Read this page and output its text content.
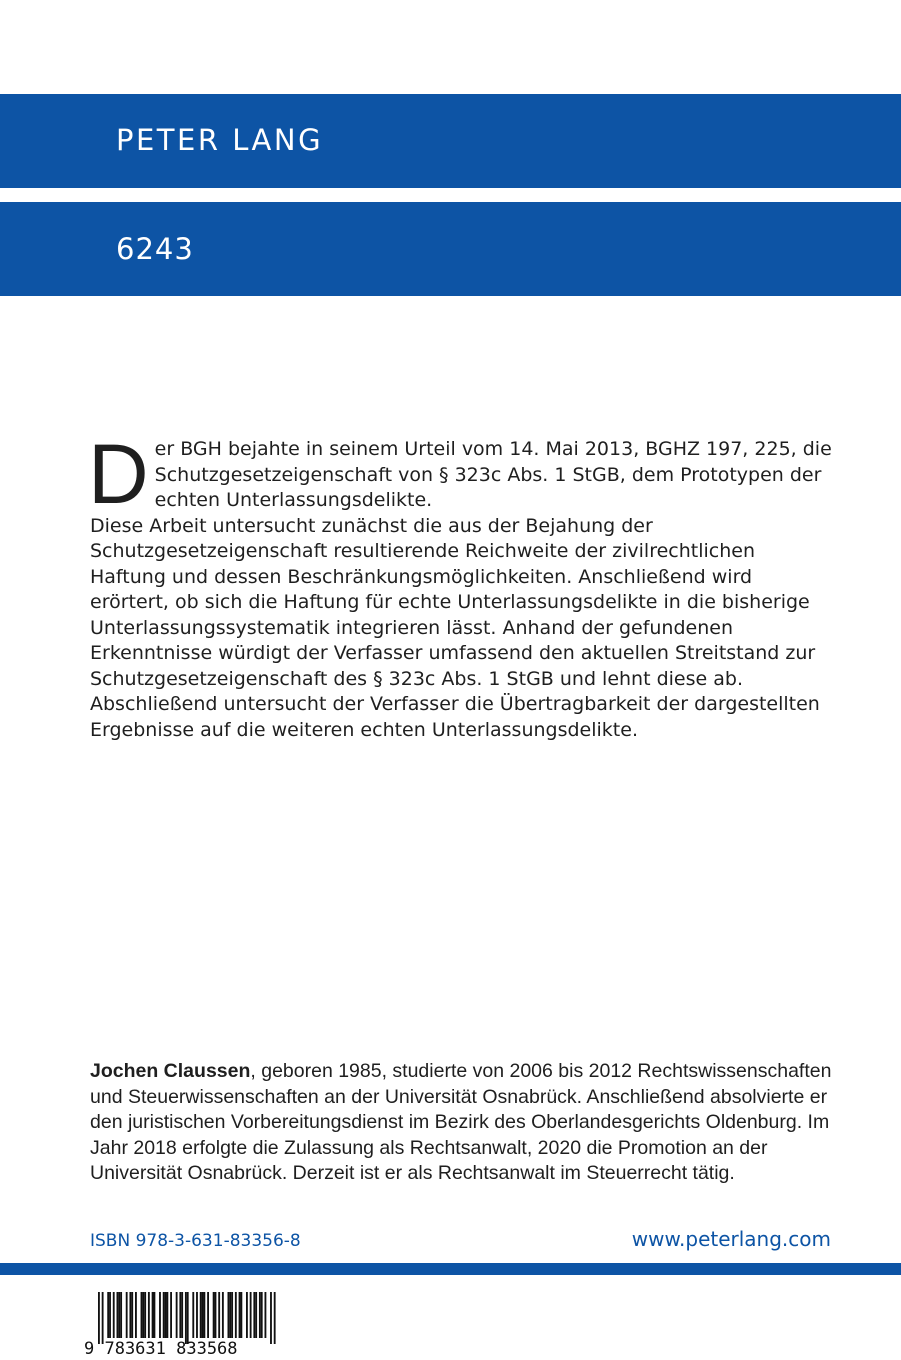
PETER LANG

6243

Der BGH bejahte in seinem Urteil vom 14. Mai 2013, BGHZ 197, 225, die Schutzgesetzeigenschaft von § 323c Abs. 1 StGB, dem Prototypen der echten Unterlassungsdelikte.
Diese Arbeit untersucht zunächst die aus der Bejahung der Schutzgesetzeigenschaft resultierende Reichweite der zivilrechtlichen Haftung und dessen Beschränkungsmöglichkeiten. Anschließend wird erörtert, ob sich die Haftung für echte Unterlassungsdelikte in die bisherige Unterlassungssystematik integrieren lässt. Anhand der gefundenen Erkenntnisse würdigt der Verfasser umfassend den aktuellen Streitstand zur Schutzgesetzeigenschaft des § 323c Abs. 1 StGB und lehnt diese ab. Abschließend untersucht der Verfasser die Übertragbarkeit der dargestellten Ergebnisse auf die weiteren echten Unterlassungsdelikte.

Jochen Claussen, geboren 1985, studierte von 2006 bis 2012 Rechtswissenschaften und Steuerwissenschaften an der Universität Osnabrück. Anschließend absolvierte er den juristischen Vorbereitungsdienst im Bezirk des Oberlandesgerichts Oldenburg. Im Jahr 2018 erfolgte die Zulassung als Rechtsanwalt, 2020 die Promotion an der Universität Osnabrück. Derzeit ist er als Rechtsanwalt im Steuerrecht tätig.

ISBN 978-3-631-83356-8	www.peterlang.com

9 783631 833568
